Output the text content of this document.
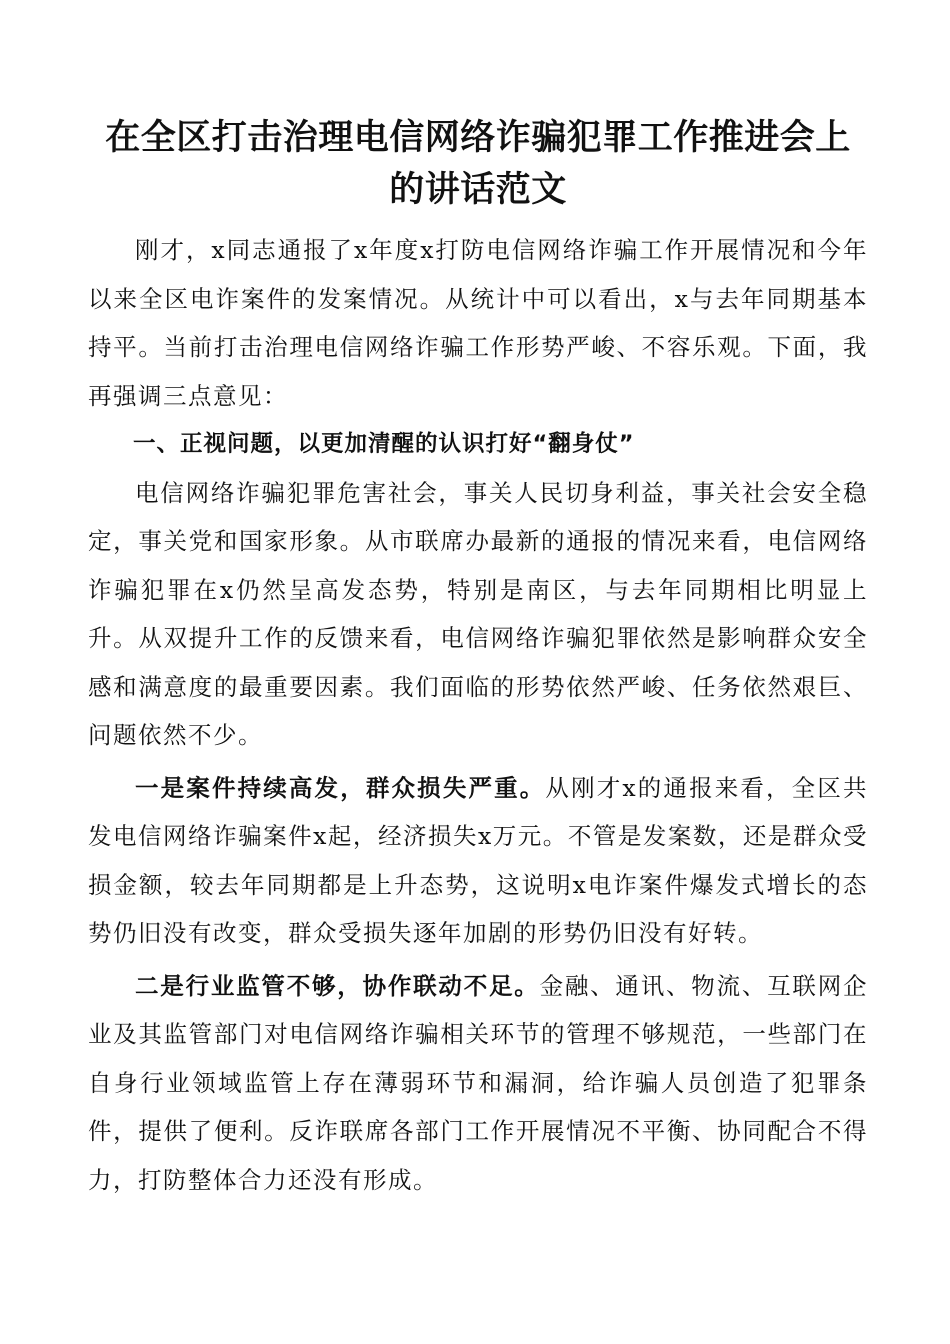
在全区打击治理电信网络诈骗犯罪工作推进会上
的讲话范文

刚才，x同志通报了x年度x打防电信网络诈骗工作开展情况和今年以来全区电诈案件的发案情况。从统计中可以看出，x与去年同期基本持平。当前打击治理电信网络诈骗工作形势严峻、不容乐观。下面，我再强调三点意见：

一、正视问题，以更加清醒的认识打好“翻身仗”

电信网络诈骗犯罪危害社会，事关人民切身利益，事关社会安全稳定，事关党和国家形象。从市联席办最新的通报的情况来看，电信网络诈骗犯罪在x仍然呈高发态势，特别是南区，与去年同期相比明显上升。从双提升工作的反馈来看，电信网络诈骗犯罪依然是影响群众安全感和满意度的最重要因素。我们面临的形势依然严峻、任务依然艰巨、问题依然不少。

一是案件持续高发，群众损失严重。从刚才x的通报来看，全区共发电信网络诈骗案件x起，经济损失x万元。不管是发案数，还是群众受损金额，较去年同期都是上升态势，这说明x电诈案件爆发式增长的态势仍旧没有改变，群众受损失逐年加剧的形势仍旧没有好转。

二是行业监管不够，协作联动不足。金融、通讯、物流、互联网企业及其监管部门对电信网络诈骗相关环节的管理不够规范，一些部门在自身行业领域监管上存在薄弱环节和漏洞，给诈骗人员创造了犯罪条件，提供了便利。反诈联席各部门工作开展情况不平衡、协同配合不得力，打防整体合力还没有形成。
